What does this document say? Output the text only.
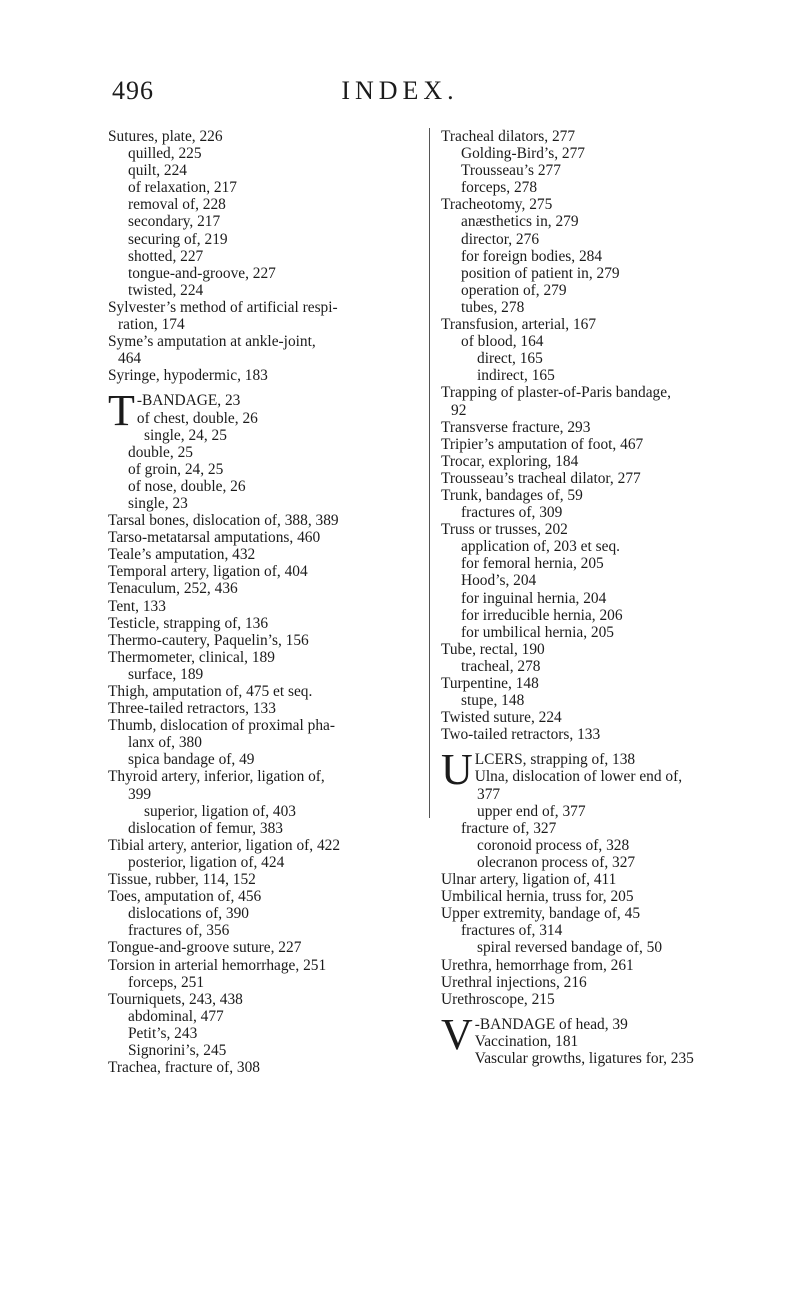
496	INDEX.
Sutures, plate, 226
quilled, 225
quilt, 224
of relaxation, 217
removal of, 228
secondary, 217
securing of, 219
shotted, 227
tongue-and-groove, 227
twisted, 224
Sylvester’s method of artificial respi-
ration, 174
Syme’s amputation at ankle-joint,
464
Syringe, hypodermic, 183
T -BANDAGE, 23
of chest, double, 26
single, 24, 25
double, 25
of groin, 24, 25
of nose, double, 26
single, 23
Tarsal bones, dislocation of, 388, 389
Tarso-metatarsal amputations, 460
Teale’s amputation, 432
Temporal artery, ligation of, 404
Tenaculum, 252, 436
Tent, 133
Testicle, strapping of, 136
Thermo-cautery, Paquelin’s, 156
Thermometer, clinical, 189
surface, 189
Thigh, amputation of, 475 et seq.
Three-tailed retractors, 133
Thumb, dislocation of proximal pha-
lanx of, 380
spica bandage of, 49
Thyroid artery, inferior, ligation of,
399
superior, ligation of, 403
dislocation of femur, 383
Tibial artery, anterior, ligation of, 422
posterior, ligation of, 424
Tissue, rubber, 114, 152
Toes, amputation of, 456
dislocations of, 390
fractures of, 356
Tongue-and-groove suture, 227
Torsion in arterial hemorrhage, 251
forceps, 251
Tourniquets, 243, 438
abdominal, 477
Petit’s, 243
Signorini’s, 245
Trachea, fracture of, 308
Tracheal dilators, 277
Golding-Bird’s, 277
Trousseau’s 277
forceps, 278
Tracheotomy, 275
anæsthetics in, 279
director, 276
for foreign bodies, 284
position of patient in, 279
operation of, 279
tubes, 278
Transfusion, arterial, 167
of blood, 164
direct, 165
indirect, 165
Trapping of plaster-of-Paris bandage,
92
Transverse fracture, 293
Tripier’s amputation of foot, 467
Trocar, exploring, 184
Trousseau’s tracheal dilator, 277
Trunk, bandages of, 59
fractures of, 309
Truss or trusses, 202
application of, 203 et seq.
for femoral hernia, 205
Hood’s, 204
for inguinal hernia, 204
for irreducible hernia, 206
for umbilical hernia, 205
Tube, rectal, 190
tracheal, 278
Turpentine, 148
stupe, 148
Twisted suture, 224
Two-tailed retractors, 133
U LCERS, strapping of, 138
Ulna, dislocation of lower end of,
377
upper end of, 377
fracture of, 327
coronoid process of, 328
olecranon process of, 327
Ulnar artery, ligation of, 411
Umbilical hernia, truss for, 205
Upper extremity, bandage of, 45
fractures of, 314
spiral reversed bandage of, 50
Urethra, hemorrhage from, 261
Urethral injections, 216
Urethroscope, 215
V -BANDAGE of head, 39
Vaccination, 181
Vascular growths, ligatures for, 235
